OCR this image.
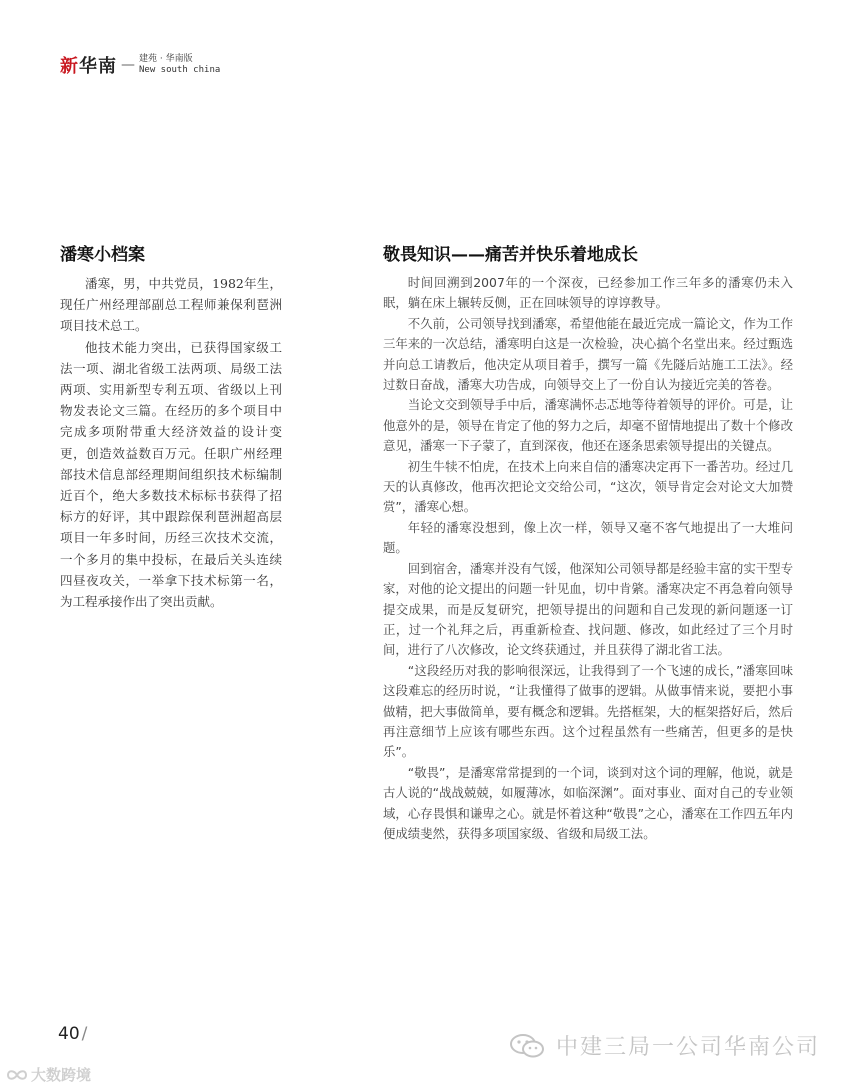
新华南 — 建苑 · 华南版
New south china
潘寒小档案

潘寒，男，中共党员，1982年生，现任广州经理部副总工程师兼保利琶洲项目技术总工。

他技术能力突出，已获得国家级工法一项、湖北省级工法两项、局级工法两项、实用新型专利五项、省级以上刊物发表论文三篇。在经历的多个项目中完成多项附带重大经济效益的设计变更，创造效益数百万元。任职广州经理部技术信息部经理期间组织技术标编制近百个，绝大多数技术标标书获得了招标方的好评，其中跟踪保利琶洲超高层项目一年多时间，历经三次技术交流，一个多月的集中投标，在最后关头连续四昼夜攻关，一举拿下技术标第一名，为工程承接作出了突出贡献。

敬畏知识——痛苦并快乐着地成长

时间回溯到2007年的一个深夜，已经参加工作三年多的潘寒仍未入眠，躺在床上辗转反侧，正在回味领导的谆谆教导。

不久前，公司领导找到潘寒，希望他能在最近完成一篇论文，作为工作三年来的一次总结，潘寒明白这是一次检验，决心搞个名堂出来。经过甄选并向总工请教后，他决定从项目着手，撰写一篇《先隧后站施工工法》。经过数日奋战，潘寒大功告成，向领导交上了一份自认为接近完美的答卷。

当论文交到领导手中后，潘寒满怀忐忑地等待着领导的评价。可是，让他意外的是，领导在肯定了他的努力之后，却毫不留情地提出了数十个修改意见，潘寒一下子蒙了，直到深夜，他还在逐条思索领导提出的关键点。

初生牛犊不怕虎，在技术上向来自信的潘寒决定再下一番苦功。经过几天的认真修改，他再次把论文交给公司，“这次，领导肯定会对论文大加赞赏”，潘寒心想。

年轻的潘寒没想到，像上次一样，领导又毫不客气地提出了一大堆问题。

回到宿舍，潘寒并没有气馁，他深知公司领导都是经验丰富的实干型专家，对他的论文提出的问题一针见血，切中肯綮。潘寒决定不再急着向领导提交成果，而是反复研究，把领导提出的问题和自己发现的新问题逐一订正，过一个礼拜之后，再重新检查、找问题、修改，如此经过了三个月时间，进行了八次修改，论文终获通过，并且获得了湖北省工法。

“这段经历对我的影响很深远，让我得到了一个飞速的成长，”潘寒回味这段难忘的经历时说，“让我懂得了做事的逻辑。从做事情来说，要把小事做精，把大事做简单，要有概念和逻辑。先搭框架，大的框架搭好后，然后再注意细节上应该有哪些东西。这个过程虽然有一些痛苦，但更多的是快乐”。

“敬畏”，是潘寒常常提到的一个词，谈到对这个词的理解，他说，就是古人说的“战战兢兢，如履薄冰，如临深渊”。面对事业、面对自己的专业领域，心存畏惧和谦卑之心。就是怀着这种“敬畏”之心，潘寒在工作四五年内便成绩斐然，获得多项国家级、省级和局级工法。

40 /
中建三局一公司华南公司
大数跨境
